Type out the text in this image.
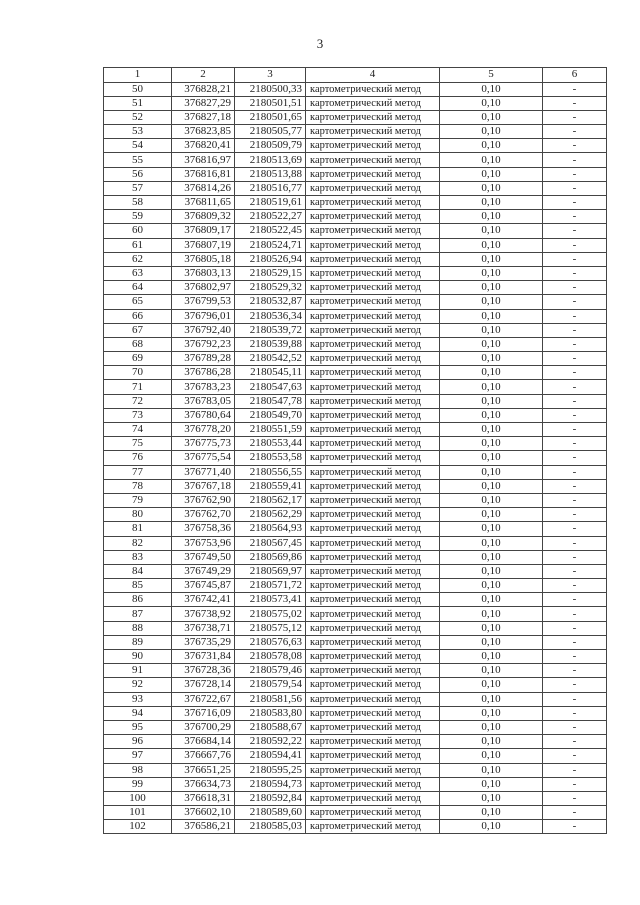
3
1	2	3	4	5	6
50	376828,21	2180500,33	картометрический метод	0,10	-
51	376827,29	2180501,51	картометрический метод	0,10	-
52	376827,18	2180501,65	картометрический метод	0,10	-
53	376823,85	2180505,77	картометрический метод	0,10	-
54	376820,41	2180509,79	картометрический метод	0,10	-
55	376816,97	2180513,69	картометрический метод	0,10	-
56	376816,81	2180513,88	картометрический метод	0,10	-
57	376814,26	2180516,77	картометрический метод	0,10	-
58	376811,65	2180519,61	картометрический метод	0,10	-
59	376809,32	2180522,27	картометрический метод	0,10	-
60	376809,17	2180522,45	картометрический метод	0,10	-
61	376807,19	2180524,71	картометрический метод	0,10	-
62	376805,18	2180526,94	картометрический метод	0,10	-
63	376803,13	2180529,15	картометрический метод	0,10	-
64	376802,97	2180529,32	картометрический метод	0,10	-
65	376799,53	2180532,87	картометрический метод	0,10	-
66	376796,01	2180536,34	картометрический метод	0,10	-
67	376792,40	2180539,72	картометрический метод	0,10	-
68	376792,23	2180539,88	картометрический метод	0,10	-
69	376789,28	2180542,52	картометрический метод	0,10	-
70	376786,28	2180545,11	картометрический метод	0,10	-
71	376783,23	2180547,63	картометрический метод	0,10	-
72	376783,05	2180547,78	картометрический метод	0,10	-
73	376780,64	2180549,70	картометрический метод	0,10	-
74	376778,20	2180551,59	картометрический метод	0,10	-
75	376775,73	2180553,44	картометрический метод	0,10	-
76	376775,54	2180553,58	картометрический метод	0,10	-
77	376771,40	2180556,55	картометрический метод	0,10	-
78	376767,18	2180559,41	картометрический метод	0,10	-
79	376762,90	2180562,17	картометрический метод	0,10	-
80	376762,70	2180562,29	картометрический метод	0,10	-
81	376758,36	2180564,93	картометрический метод	0,10	-
82	376753,96	2180567,45	картометрический метод	0,10	-
83	376749,50	2180569,86	картометрический метод	0,10	-
84	376749,29	2180569,97	картометрический метод	0,10	-
85	376745,87	2180571,72	картометрический метод	0,10	-
86	376742,41	2180573,41	картометрический метод	0,10	-
87	376738,92	2180575,02	картометрический метод	0,10	-
88	376738,71	2180575,12	картометрический метод	0,10	-
89	376735,29	2180576,63	картометрический метод	0,10	-
90	376731,84	2180578,08	картометрический метод	0,10	-
91	376728,36	2180579,46	картометрический метод	0,10	-
92	376728,14	2180579,54	картометрический метод	0,10	-
93	376722,67	2180581,56	картометрический метод	0,10	-
94	376716,09	2180583,80	картометрический метод	0,10	-
95	376700,29	2180588,67	картометрический метод	0,10	-
96	376684,14	2180592,22	картометрический метод	0,10	-
97	376667,76	2180594,41	картометрический метод	0,10	-
98	376651,25	2180595,25	картометрический метод	0,10	-
99	376634,73	2180594,73	картометрический метод	0,10	-
100	376618,31	2180592,84	картометрический метод	0,10	-
101	376602,10	2180589,60	картометрический метод	0,10	-
102	376586,21	2180585,03	картометрический метод	0,10	-
